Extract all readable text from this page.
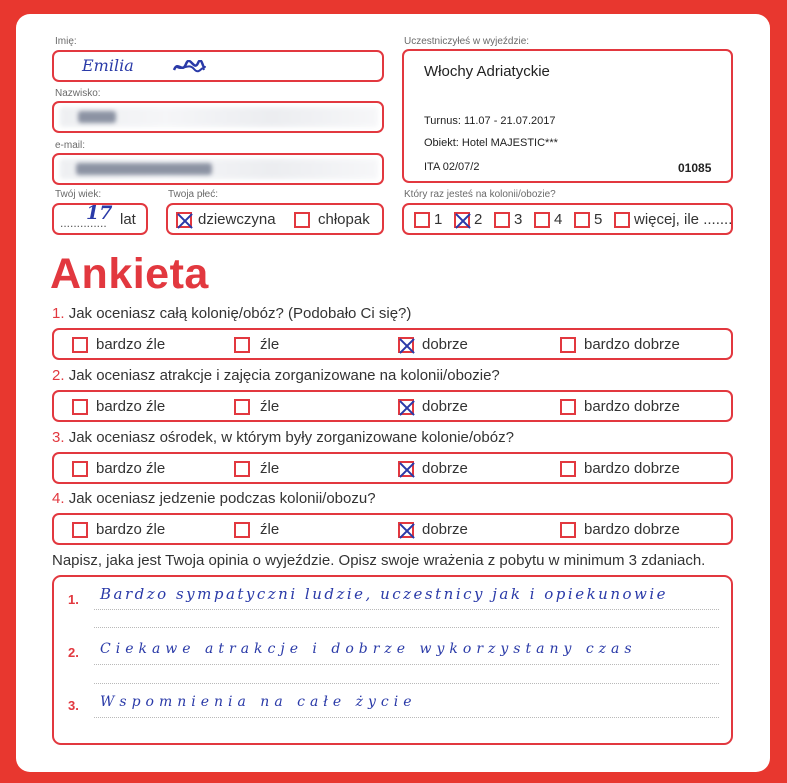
Imię:
Emilia
Nazwisko:
e-mail:
Twój wiek:
..............
17 lat
Twoja płeć:
dziewczyna	chłopak
Uczestniczyłeś w wyjeździe:
Włochy Adriatyckie
Turnus: 11.07 - 21.07.2017
Obiekt: Hotel MAJESTIC***
ITA 02/07/2	01085
Który raz jesteś na kolonii/obozie?
1 2 3 4 5 więcej, ile .......
Ankieta
1. Jak oceniasz całą kolonię/obóz? (Podobało Ci się?)
bardzo źle	źle	dobrze	bardzo dobrze
2. Jak oceniasz atrakcje i zajęcia zorganizowane na kolonii/obozie?
bardzo źle	źle	dobrze	bardzo dobrze
3. Jak oceniasz ośrodek, w którym były zorganizowane kolonie/obóz?
bardzo źle	źle	dobrze	bardzo dobrze
4. Jak oceniasz jedzenie podczas kolonii/obozu?
bardzo źle	źle	dobrze	bardzo dobrze
Napisz, jaka jest Twoja opinia o wyjeździe. Opisz swoje wrażenia z pobytu w minimum 3 zdaniach.
1. Bardzo sympatyczni ludzie, uczestnicy jak i opiekunowie
2. Ciekawe atrakcje i dobrze wykorzystany czas
3. Wspomnienia na całe życie
